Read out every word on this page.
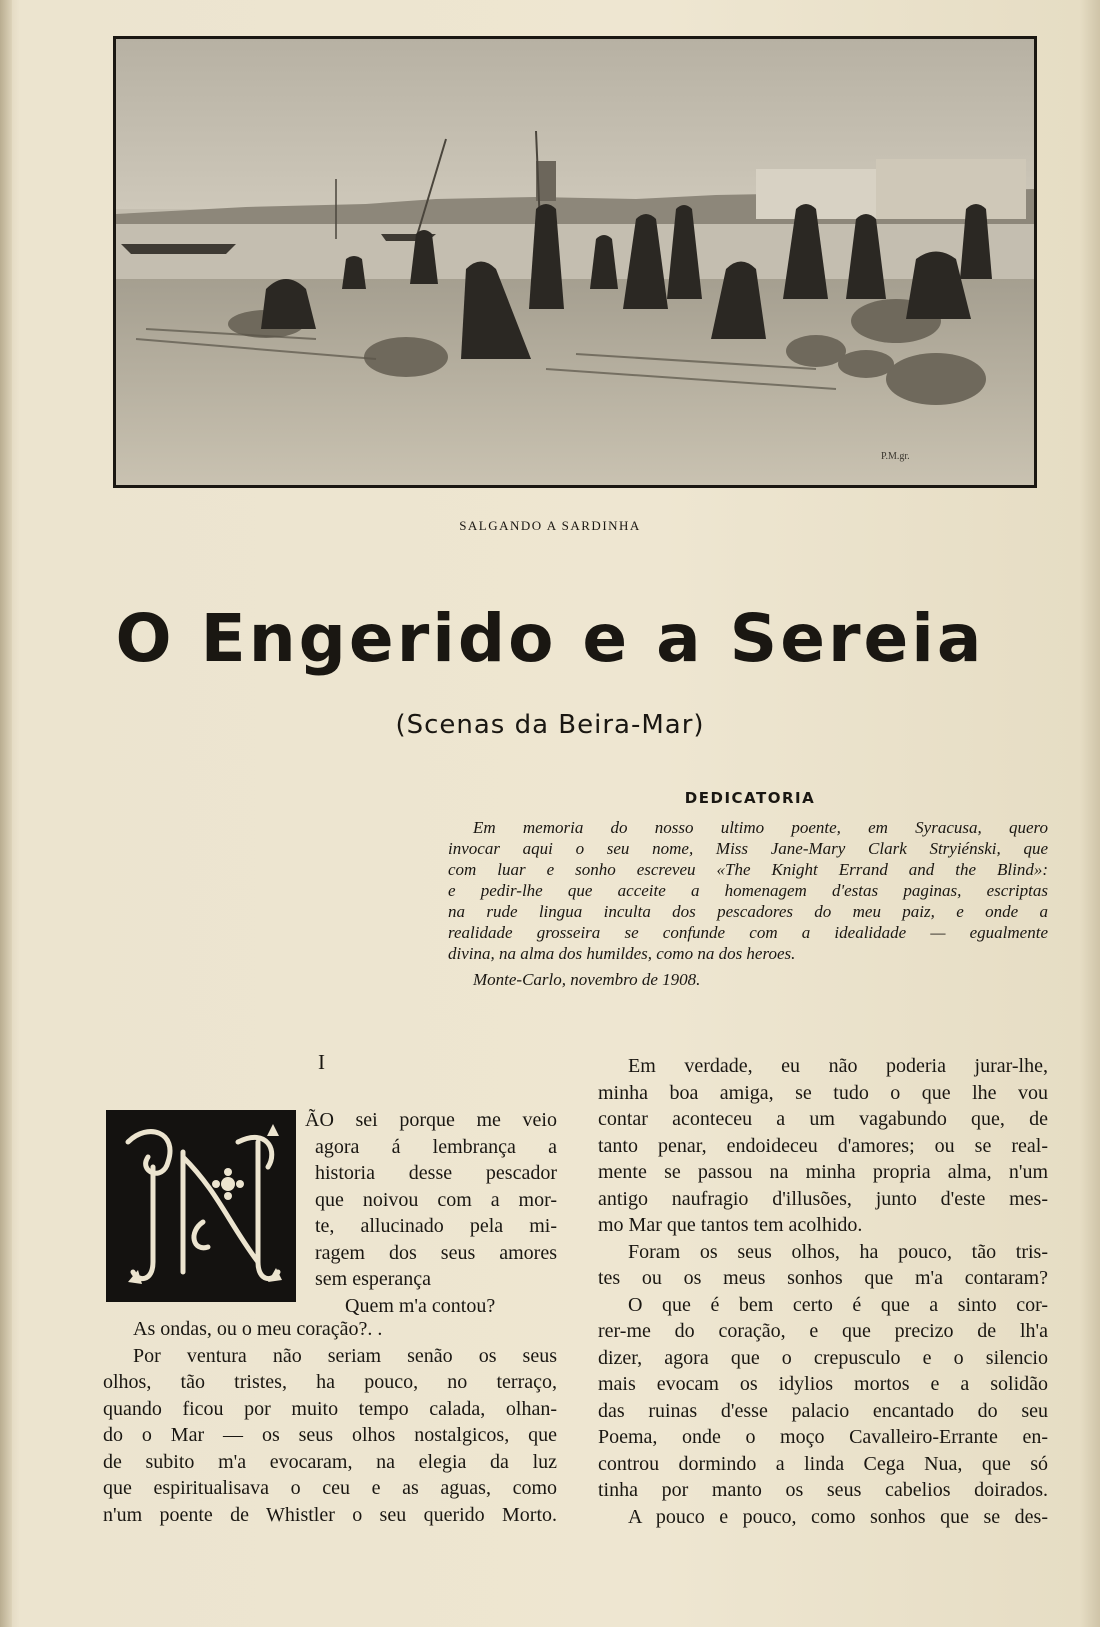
P.M.gr.
SALGANDO A SARDINHA
O Engerido e a Sereia
(Scenas da Beira-Mar)
DEDICATORIA
Em memoria do nosso ultimo poente, em Syracusa, quero
invocar aqui o seu nome, Miss Jane-Mary Clark Stryiénski, que
com luar e sonho escreveu «The Knight Errand and the Blind»:
e pedir-lhe que acceite a homenagem d'estas paginas, escriptas
na rude lingua inculta dos pescadores do meu paiz, e onde a
realidade grosseira se confunde com a idealidade — egualmente
divina, na alma dos humildes, como na dos heroes.
Monte-Carlo, novembro de 1908.
I
ÃO sei porque me veio
agora á lembrança a
historia desse pescador
que noivou com a mor-
te, allucinado pela mi-
ragem dos seus amores
sem esperança
Quem m'a contou?
As ondas, ou o meu coração?. .
Por ventura não seriam senão os seus
olhos, tão tristes, ha pouco, no terraço,
quando ficou por muito tempo calada, olhan-
do o Mar — os seus olhos nostalgicos, que
de subito m'a evocaram, na elegia da luz
que espiritualisava o ceu e as aguas, como
n'um poente de Whistler o seu querido Morto.
Em verdade, eu não poderia jurar-lhe,
minha boa amiga, se tudo o que lhe vou
contar aconteceu a um vagabundo que, de
tanto penar, endoideceu d'amores; ou se real-
mente se passou na minha propria alma, n'um
antigo naufragio d'illusões, junto d'este mes-
mo Mar que tantos tem acolhido.
Foram os seus olhos, ha pouco, tão tris-
tes ou os meus sonhos que m'a contaram?
O que é bem certo é que a sinto cor-
rer-me do coração, e que precizo de lh'a
dizer, agora que o crepusculo e o silencio
mais evocam os idylios mortos e a solidão
das ruinas d'esse palacio encantado do seu
Poema, onde o moço Cavalleiro-Errante en-
controu dormindo a linda Cega Nua, que só
tinha por manto os seus cabelios doirados.
A pouco e pouco, como sonhos que se des-
